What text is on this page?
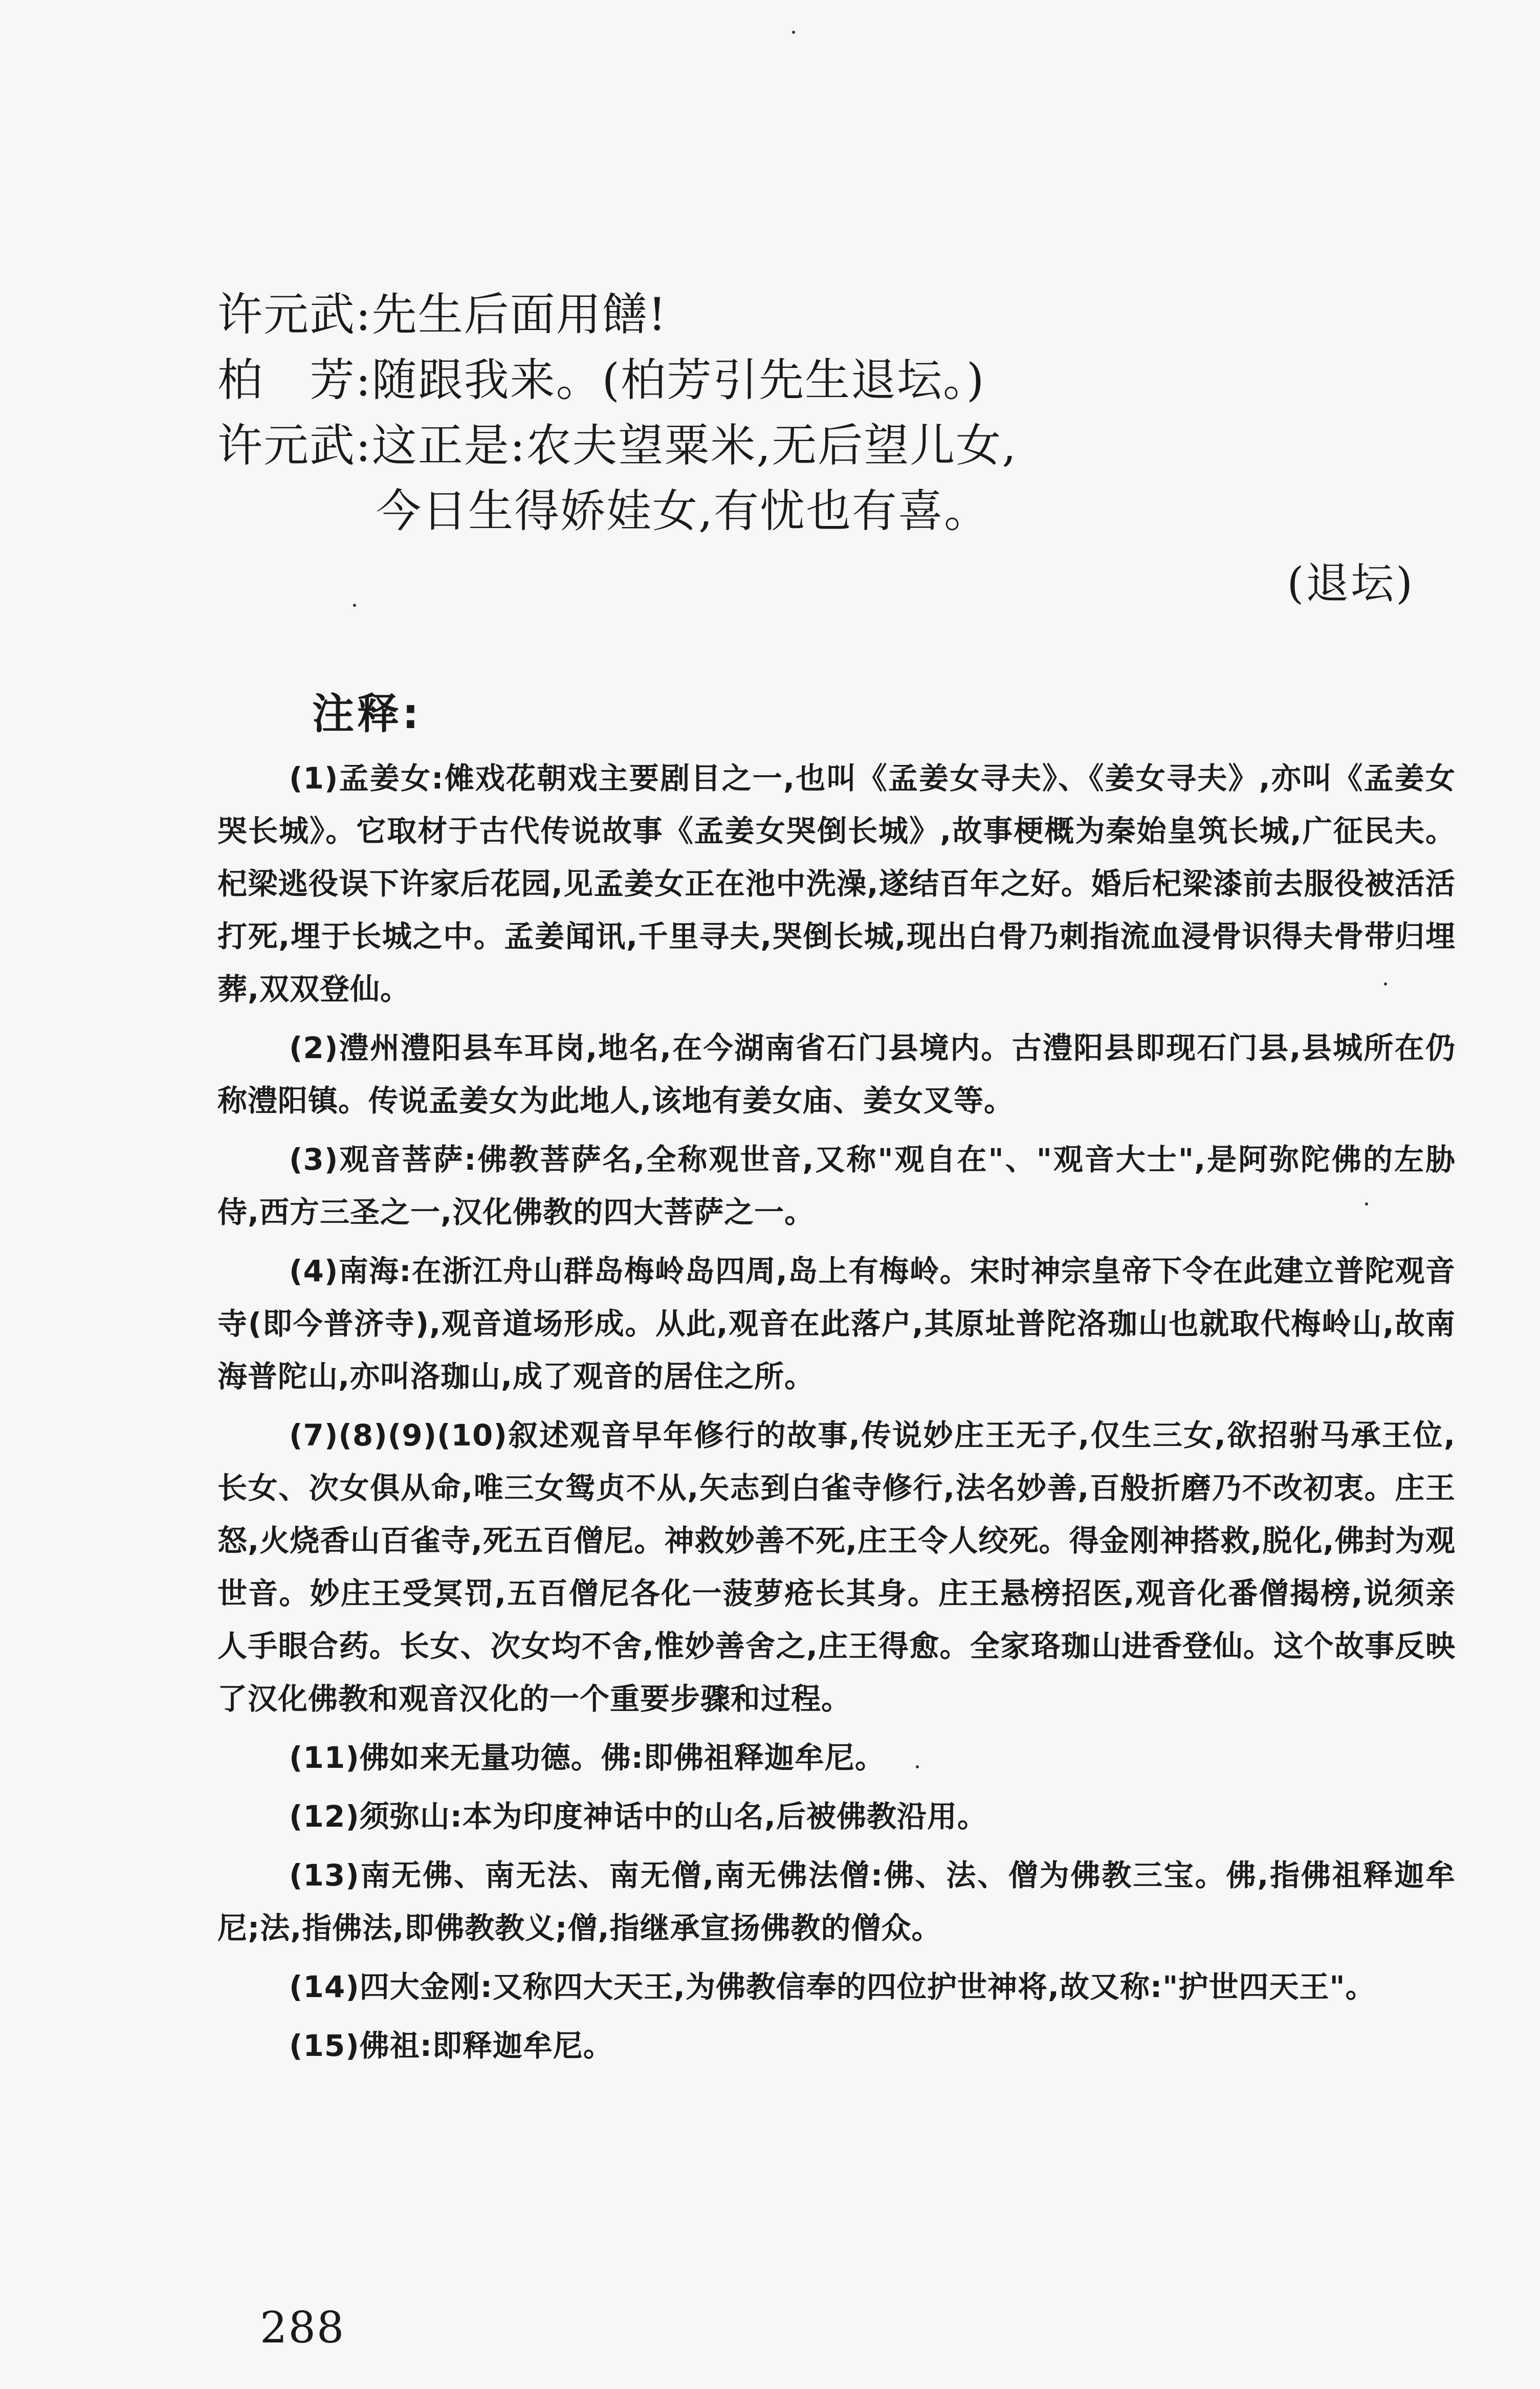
许元武:先生后面用饍!
柏　芳:随跟我来。(柏芳引先生退坛。)
许元武:这正是:农夫望粟米,无后望儿女,
今日生得娇娃女,有忧也有喜。
(退坛)
注释:

(1)孟姜女:傩戏花朝戏主要剧目之一,也叫《孟姜女寻夫》、《姜女寻夫》,亦叫《孟姜女哭长城》。它取材于古代传说故事《孟姜女哭倒长城》,故事梗概为秦始皇筑长城,广征民夫。杞梁逃役误下许家后花园,见孟姜女正在池中洗澡,遂结百年之好。婚后杞梁漆前去服役被活活打死,埋于长城之中。孟姜闻讯,千里寻夫,哭倒长城,现出白骨乃刺指流血浸骨识得夫骨带归埋葬,双双登仙。

(2)澧州澧阳县车耳岗,地名,在今湖南省石门县境内。古澧阳县即现石门县,县城所在仍称澧阳镇。传说孟姜女为此地人,该地有姜女庙、姜女叉等。

(3)观音菩萨:佛教菩萨名,全称观世音,又称"观自在"、"观音大士",是阿弥陀佛的左胁侍,西方三圣之一,汉化佛教的四大菩萨之一。

(4)南海:在浙江舟山群岛梅岭岛四周,岛上有梅岭。宋时神宗皇帝下令在此建立普陀观音寺(即今普济寺),观音道场形成。从此,观音在此落户,其原址普陀洛珈山也就取代梅岭山,故南海普陀山,亦叫洛珈山,成了观音的居住之所。

(7)(8)(9)(10)叙述观音早年修行的故事,传说妙庄王无子,仅生三女,欲招驸马承王位,长女、次女俱从命,唯三女鸳贞不从,矢志到白雀寺修行,法名妙善,百般折磨乃不改初衷。庄王怒,火烧香山百雀寺,死五百僧尼。神救妙善不死,庄王令人绞死。得金刚神搭救,脱化,佛封为观世音。妙庄王受冥罚,五百僧尼各化一菠萝疮长其身。庄王悬榜招医,观音化番僧揭榜,说须亲人手眼合药。长女、次女均不舍,惟妙善舍之,庄王得愈。全家珞珈山进香登仙。这个故事反映了汉化佛教和观音汉化的一个重要步骤和过程。

(11)佛如来无量功德。佛:即佛祖释迦牟尼。

(12)须弥山:本为印度神话中的山名,后被佛教沿用。

(13)南无佛、南无法、南无僧,南无佛法僧:佛、法、僧为佛教三宝。佛,指佛祖释迦牟尼;法,指佛法,即佛教教义;僧,指继承宣扬佛教的僧众。

(14)四大金刚:又称四大天王,为佛教信奉的四位护世神将,故又称:"护世四天王"。

(15)佛祖:即释迦牟尼。

288
